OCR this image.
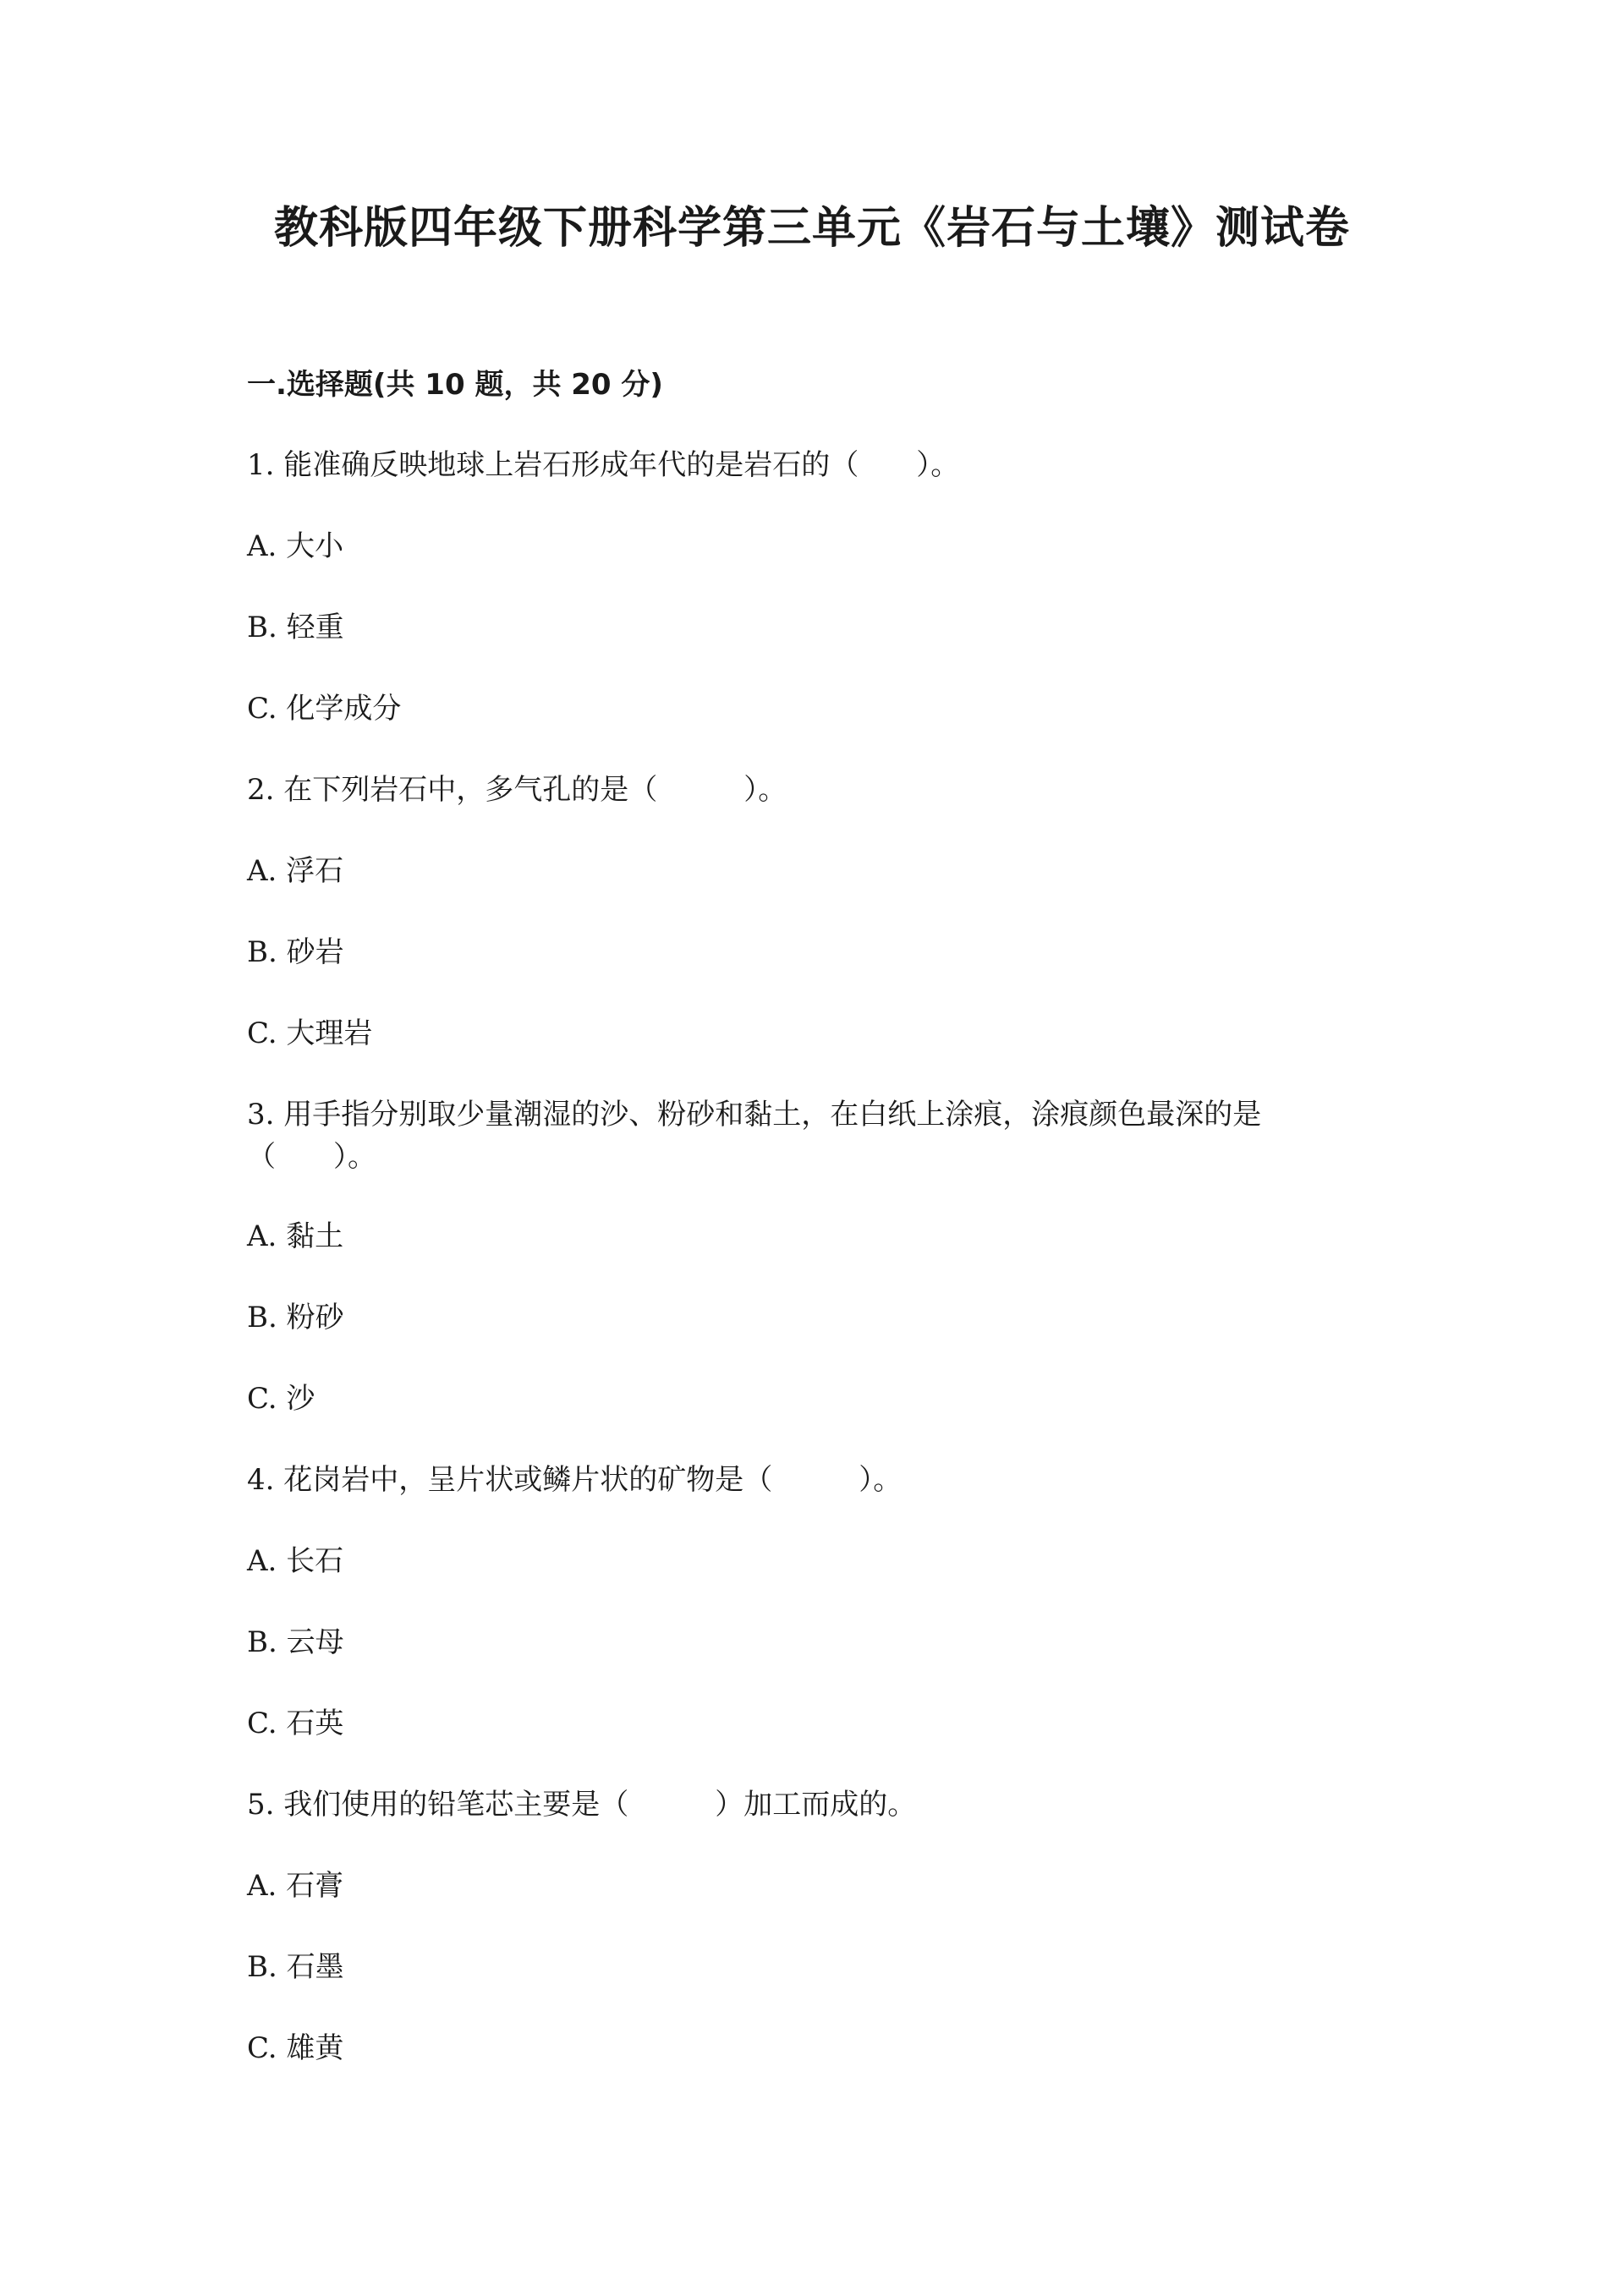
教科版四年级下册科学第三单元《岩石与土壤》测试卷
一.选择题(共 10 题，共 20 分)
1. 能准确反映地球上岩石形成年代的是岩石的（　　）。
A. 大小
B. 轻重
C. 化学成分
2. 在下列岩石中，多气孔的是（　　　）。
A. 浮石
B. 砂岩
C. 大理岩
3. 用手指分别取少量潮湿的沙、粉砂和黏土，在白纸上涂痕，涂痕颜色最深的是（　　）。
A. 黏土
B. 粉砂
C. 沙
4. 花岗岩中，呈片状或鳞片状的矿物是（　　　）。
A. 长石
B. 云母
C. 石英
5. 我们使用的铅笔芯主要是（　　　）加工而成的。
A. 石膏
B. 石墨
C. 雄黄
